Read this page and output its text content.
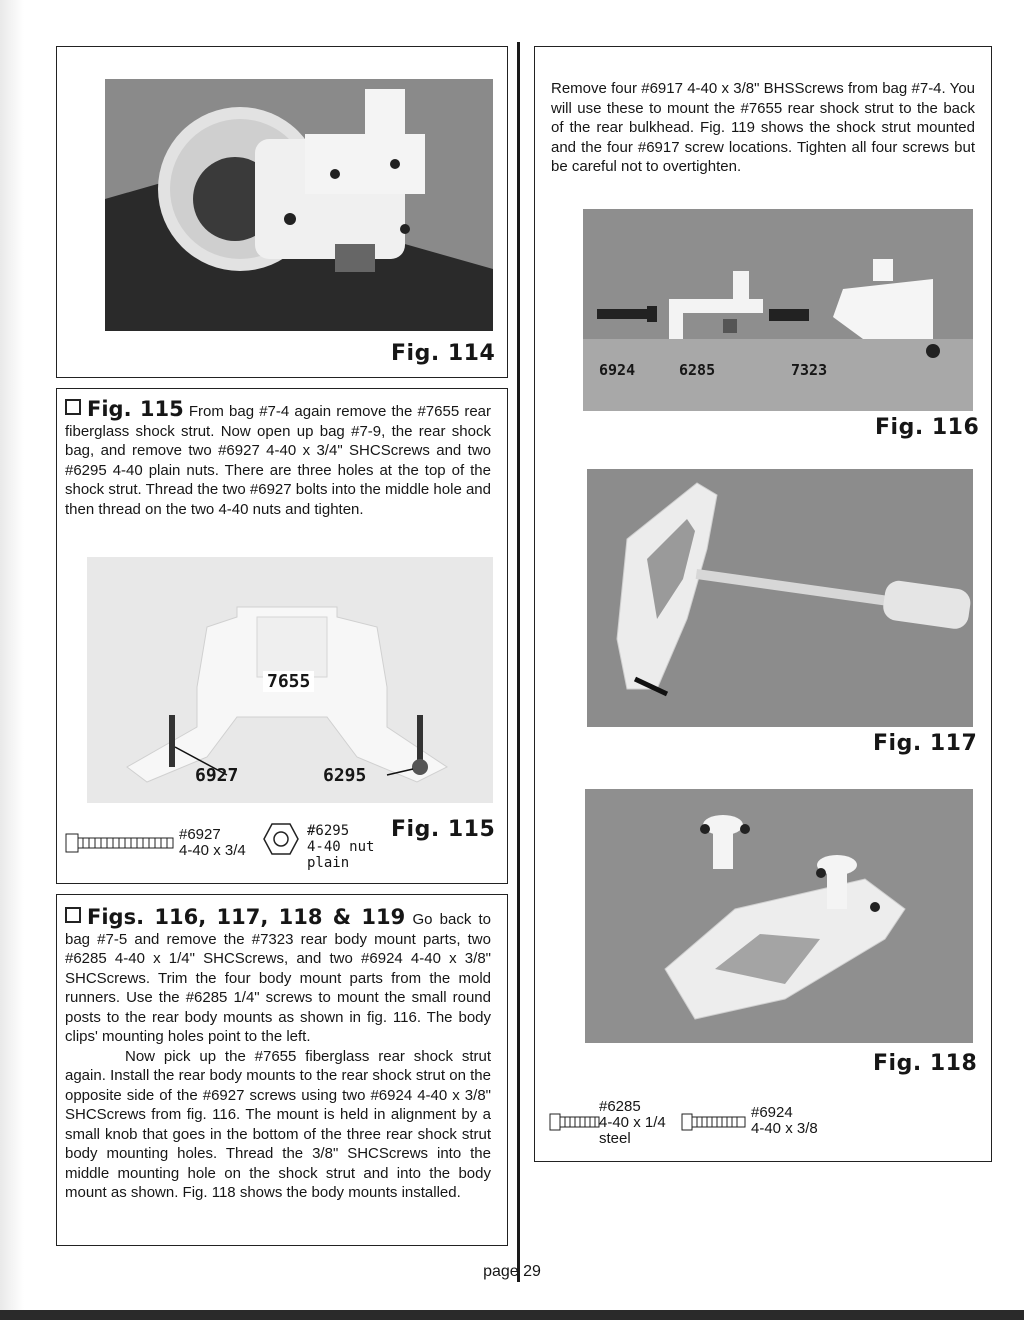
Fig. 114

Fig. 115 From bag #7-4 again remove the #7655 rear fiberglass shock strut. Now open up bag #7-9, the rear shock bag, and remove two #6927 4-40 x 3/4" SHCScrews and two #6295 4-40 plain nuts. There are three holes at the top of the shock strut. Thread the two #6927 bolts into the middle hole and then thread on the two 4-40 nuts and tighten.

7655
6927	6295
#6927
4-40 x 3/4
#6295
4-40 nut
plain
Fig. 115

Figs. 116, 117, 118 & 119 Go back to bag #7-5 and remove the #7323 rear body mount parts, two #6285 4-40 x 1/4" SHCScrews, and two #6924 4-40 x 3/8" SHCScrews. Trim the four body mount parts from the mold runners. Use the #6285 1/4" screws to mount the small round posts to the rear body mounts as shown in fig. 116. The body clips' mounting holes point to the left.

Now pick up the #7655 fiberglass rear shock strut again. Install the rear body mounts to the rear shock strut on the opposite side of the #6927 screws using two #6924 4-40 x 3/8" SHCScrews from fig. 116. The mount is held in alignment by a small knob that goes in the bottom of the three rear shock strut body mounting holes. Thread the 3/8" SHCScrews into the middle mounting hole on the shock strut and into the body mount as shown. Fig. 118 shows the body mounts installed.

Remove four #6917 4-40 x 3/8" BHSScrews from bag #7-4. You will use these to mount the #7655 rear shock strut to the back of the rear bulkhead. Fig. 119 shows the shock strut mounted and the four #6917 screw locations. Tighten all four screws but be careful not to overtighten.
6924	6285	7323
Fig. 116
Fig. 117
Fig. 118
#6285
4-40 x 1/4
steel
#6924
4-40 x 3/8
page 29
